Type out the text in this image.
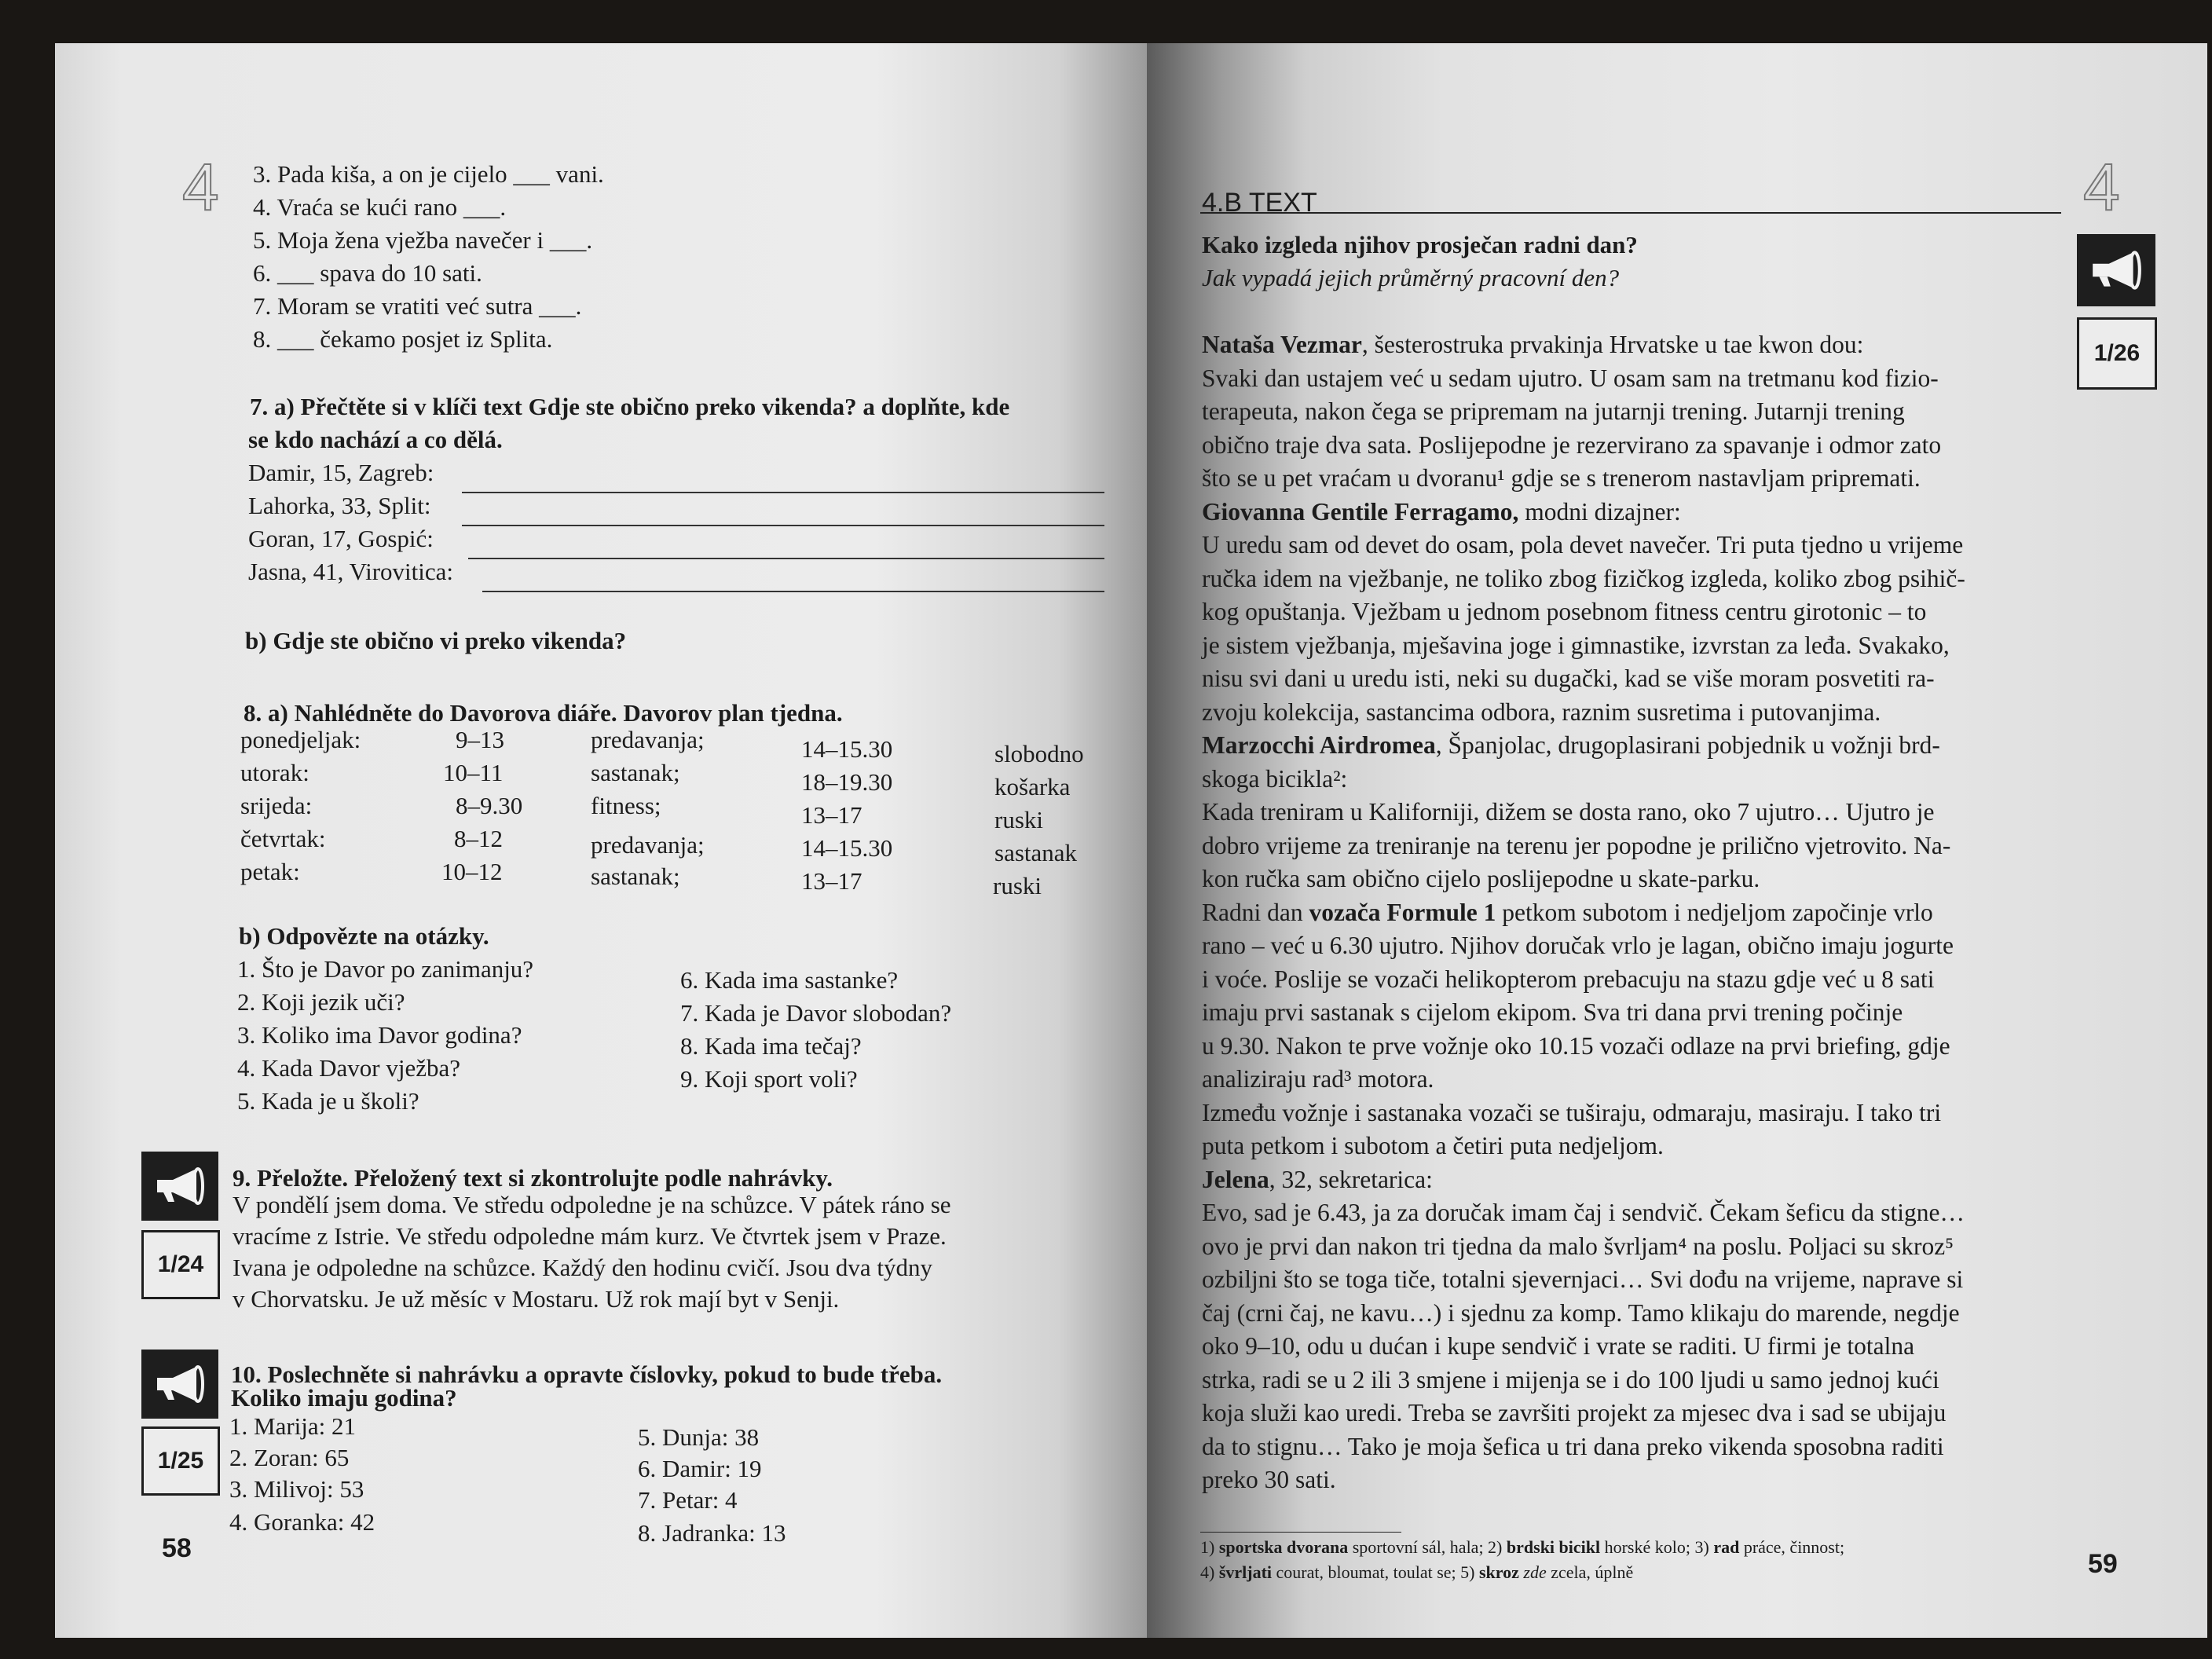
4 3. Pada kiša, a on je cijelo ___ vani.
4. Vraća se kući rano ___.
5. Moja žena vježba navečer i ___.
6. ___ spava do 10 sati.
7. Moram se vratiti već sutra ___.
8. ___ čekamo posjet iz Splita.
7. a) Přečtěte si v klíči text Gdje ste obično preko vikenda? a doplňte, kde
se kdo nachází a co dělá.
Damir, 15, Zagreb:
Lahorka, 33, Split:
Goran, 17, Gospić:
Jasna, 41, Virovitica:
b) Gdje ste obično vi preko vikenda?
8. a) Nahlédněte do Davorova diáře. Davorov plan tjedna.
ponedjeljak:	9–13	predavanja;	14–15.30	slobodno
utorak:	10–11	sastanak;	18–19.30	košarka
srijeda:	8–9.30	fitness;	13–17	ruski
četvrtak:	8–12	predavanja;	14–15.30	sastanak
petak:	10–12	sastanak;	13–17	ruski
b) Odpovězte na otázky.
1. Što je Davor po zanimanju?
2. Koji jezik uči?
3. Koliko ima Davor godina?
4. Kada Davor vježba?
5. Kada je u školi?
6. Kada ima sastanke?
7. Kada je Davor slobodan?
8. Kada ima tečaj?
9. Koji sport voli?
1/24
9. Přeložte. Přeložený text si zkontrolujte podle nahrávky.
V pondělí jsem doma. Ve středu odpoledne je na schůzce. V pátek ráno se
vracíme z Istrie. Ve středu odpoledne mám kurz. Ve čtvrtek jsem v Praze.
Ivana je odpoledne na schůzce. Každý den hodinu cvičí. Jsou dva týdny
v Chorvatsku. Je už měsíc v Mostaru. Už rok mají byt v Senji.
1/25
10. Poslechněte si nahrávku a opravte číslovky, pokud to bude třeba.
Koliko imaju godina?
1. Marija: 21
2. Zoran: 65
3. Milivoj: 53
4. Goranka: 42
5. Dunja: 38
6. Damir: 19
7. Petar: 4
8. Jadranka: 13
58
4.B TEXT	4
1/26
Kako izgleda njihov prosječan radni dan?
Jak vypadá jejich průměrný pracovní den?
Nataša Vezmar, šesterostruka prvakinja Hrvatske u tae kwon dou:
Svaki dan ustajem već u sedam ujutro. U osam sam na tretmanu kod fizio-
terapeuta, nakon čega se pripremam na jutarnji trening. Jutarnji trening
obično traje dva sata. Poslijepodne je rezervirano za spavanje i odmor zato
što se u pet vraćam u dvoranu¹ gdje se s trenerom nastavljam pripremati.
Giovanna Gentile Ferragamo, modni dizajner:
U uredu sam od devet do osam, pola devet navečer. Tri puta tjedno u vrijeme
ručka idem na vježbanje, ne toliko zbog fizičkog izgleda, koliko zbog psihič-
kog opuštanja. Vježbam u jednom posebnom fitness centru girotonic – to
je sistem vježbanja, mješavina joge i gimnastike, izvrstan za leđa. Svakako,
nisu svi dani u uredu isti, neki su dugački, kad se više moram posvetiti ra-
zvoju kolekcija, sastancima odbora, raznim susretima i putovanjima.
Marzocchi Airdromea, Španjolac, drugoplasirani pobjednik u vožnji brd-
skoga bicikla²:
Kada treniram u Kaliforniji, dižem se dosta rano, oko 7 ujutro… Ujutro je
dobro vrijeme za treniranje na terenu jer popodne je prilično vjetrovito. Na-
kon ručka sam obično cijelo poslijepodne u skate-parku.
Radni dan vozača Formule 1 petkom subotom i nedjeljom započinje vrlo
rano – već u 6.30 ujutro. Njihov doručak vrlo je lagan, obično imaju jogurte
i voće. Poslije se vozači helikopterom prebacuju na stazu gdje već u 8 sati
imaju prvi sastanak s cijelom ekipom. Sva tri dana prvi trening počinje
u 9.30. Nakon te prve vožnje oko 10.15 vozači odlaze na prvi briefing, gdje
analiziraju rad³ motora.
Između vožnje i sastanaka vozači se tuširaju, odmaraju, masiraju. I tako tri
puta petkom i subotom a četiri puta nedjeljom.
Jelena, 32, sekretarica:
Evo, sad je 6.43, ja za doručak imam čaj i sendvič. Čekam šeficu da stigne…
ovo je prvi dan nakon tri tjedna da malo švrljam⁴ na poslu. Poljaci su skroz⁵
ozbiljni što se toga tiče, totalni sjevernjaci… Svi dođu na vrijeme, naprave si
čaj (crni čaj, ne kavu…) i sjednu za komp. Tamo klikaju do marende, negdje
oko 9–10, odu u dućan i kupe sendvič i vrate se raditi. U firmi je totalna
strka, radi se u 2 ili 3 smjene i mijenja se i do 100 ljudi u samo jednoj kući
koja služi kao uredi. Treba se završiti projekt za mjesec dva i sad se ubijaju
da to stignu… Tako je moja šefica u tri dana preko vikenda sposobna raditi
preko 30 sati.
1) sportska dvorana sportovní sál, hala; 2) brdski bicikl horské kolo; 3) rad práce, činnost;
4) švrljati courat, bloumat, toulat se; 5) skroz zde zcela, úplně	59
